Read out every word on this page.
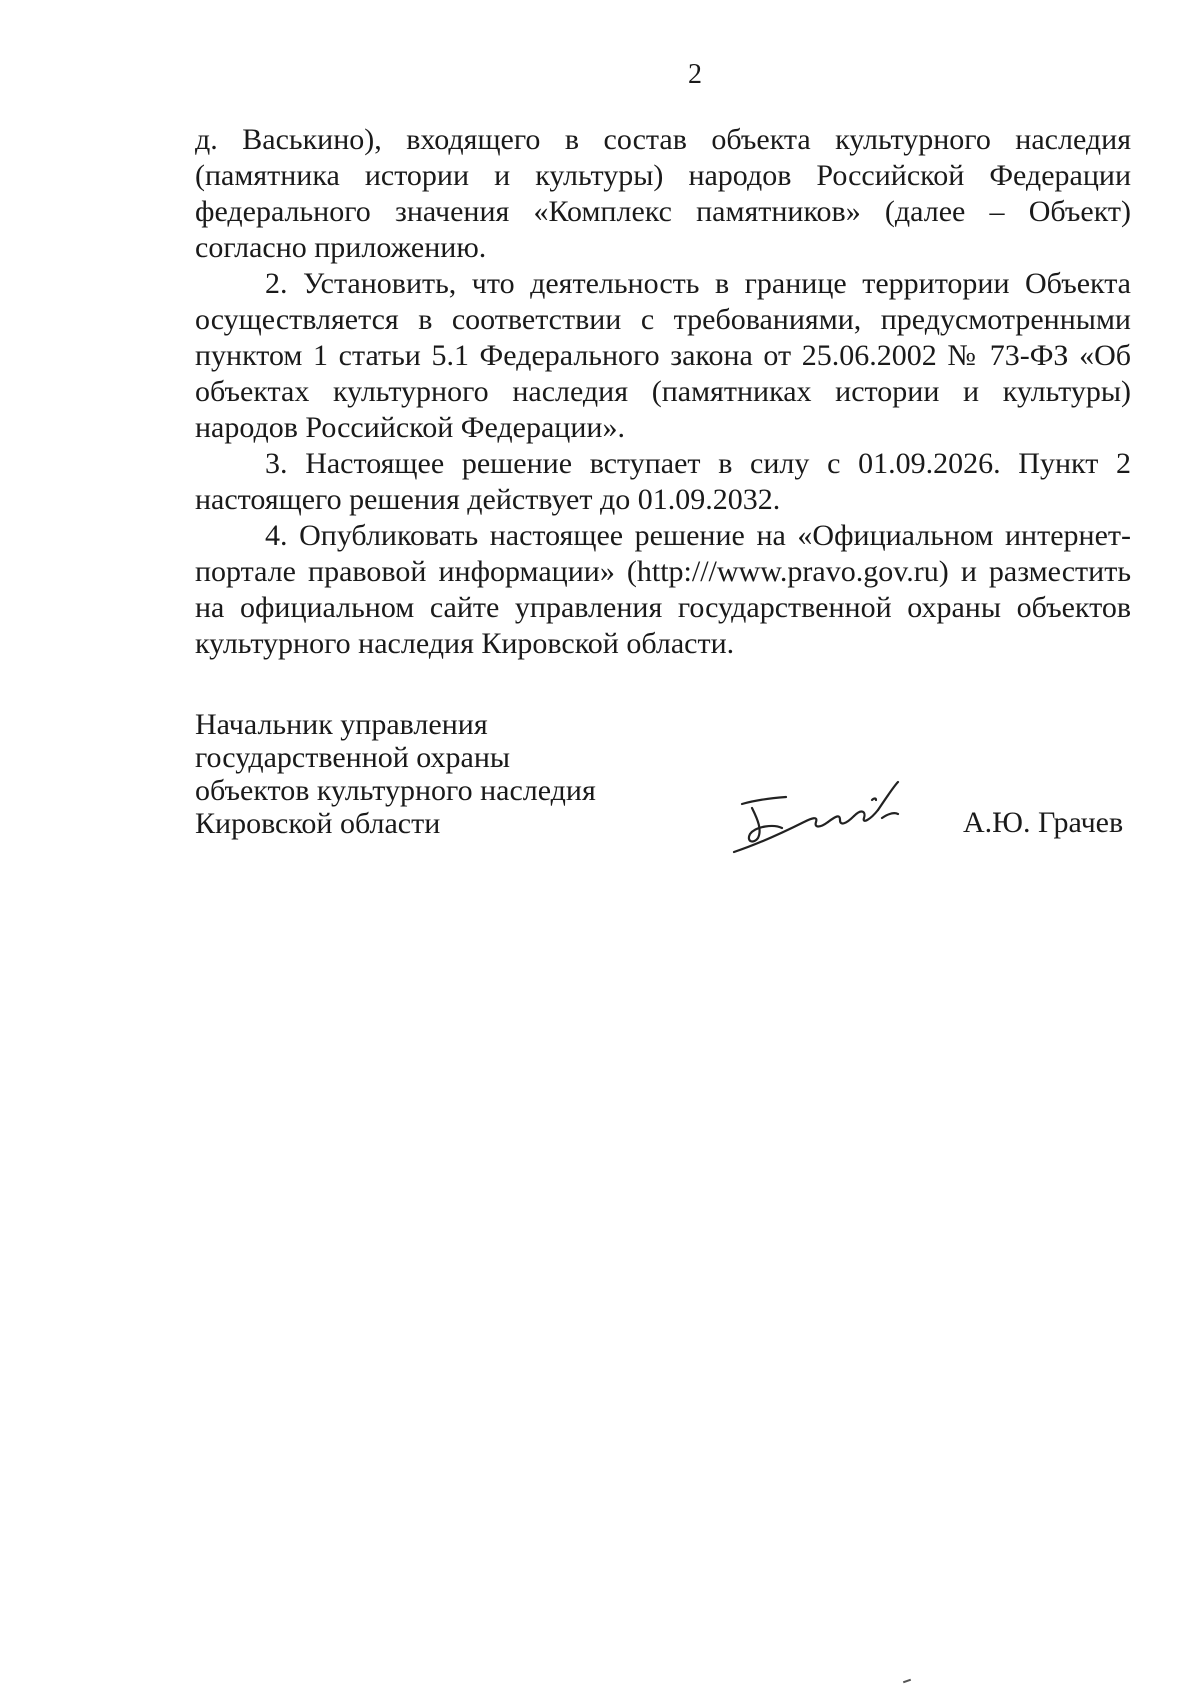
2

д. Васькино), входящего в состав объекта культурного наследия (памятника истории и культуры) народов Российской Федерации федерального значения «Комплекс памятников» (далее – Объект) согласно приложению.

2. Установить, что деятельность в границе территории Объекта осуществляется в соответствии с требованиями, предусмотренными пунктом 1 статьи 5.1 Федерального закона от 25.06.2002 № 73-ФЗ «Об объектах культурного наследия (памятниках истории и культуры) народов Российской Федерации».

3. Настоящее решение вступает в силу с 01.09.2026. Пункт 2 настоящего решения действует до 01.09.2032.

4. Опубликовать настоящее решение на «Официальном интернет-портале правовой информации» (http:///www.pravo.gov.ru) и разместить на официальном сайте управления государственной охраны объектов культурного наследия Кировской области.

Начальник управления
государственной охраны
объектов культурного наследия
Кировской области	А.Ю. Грачев
